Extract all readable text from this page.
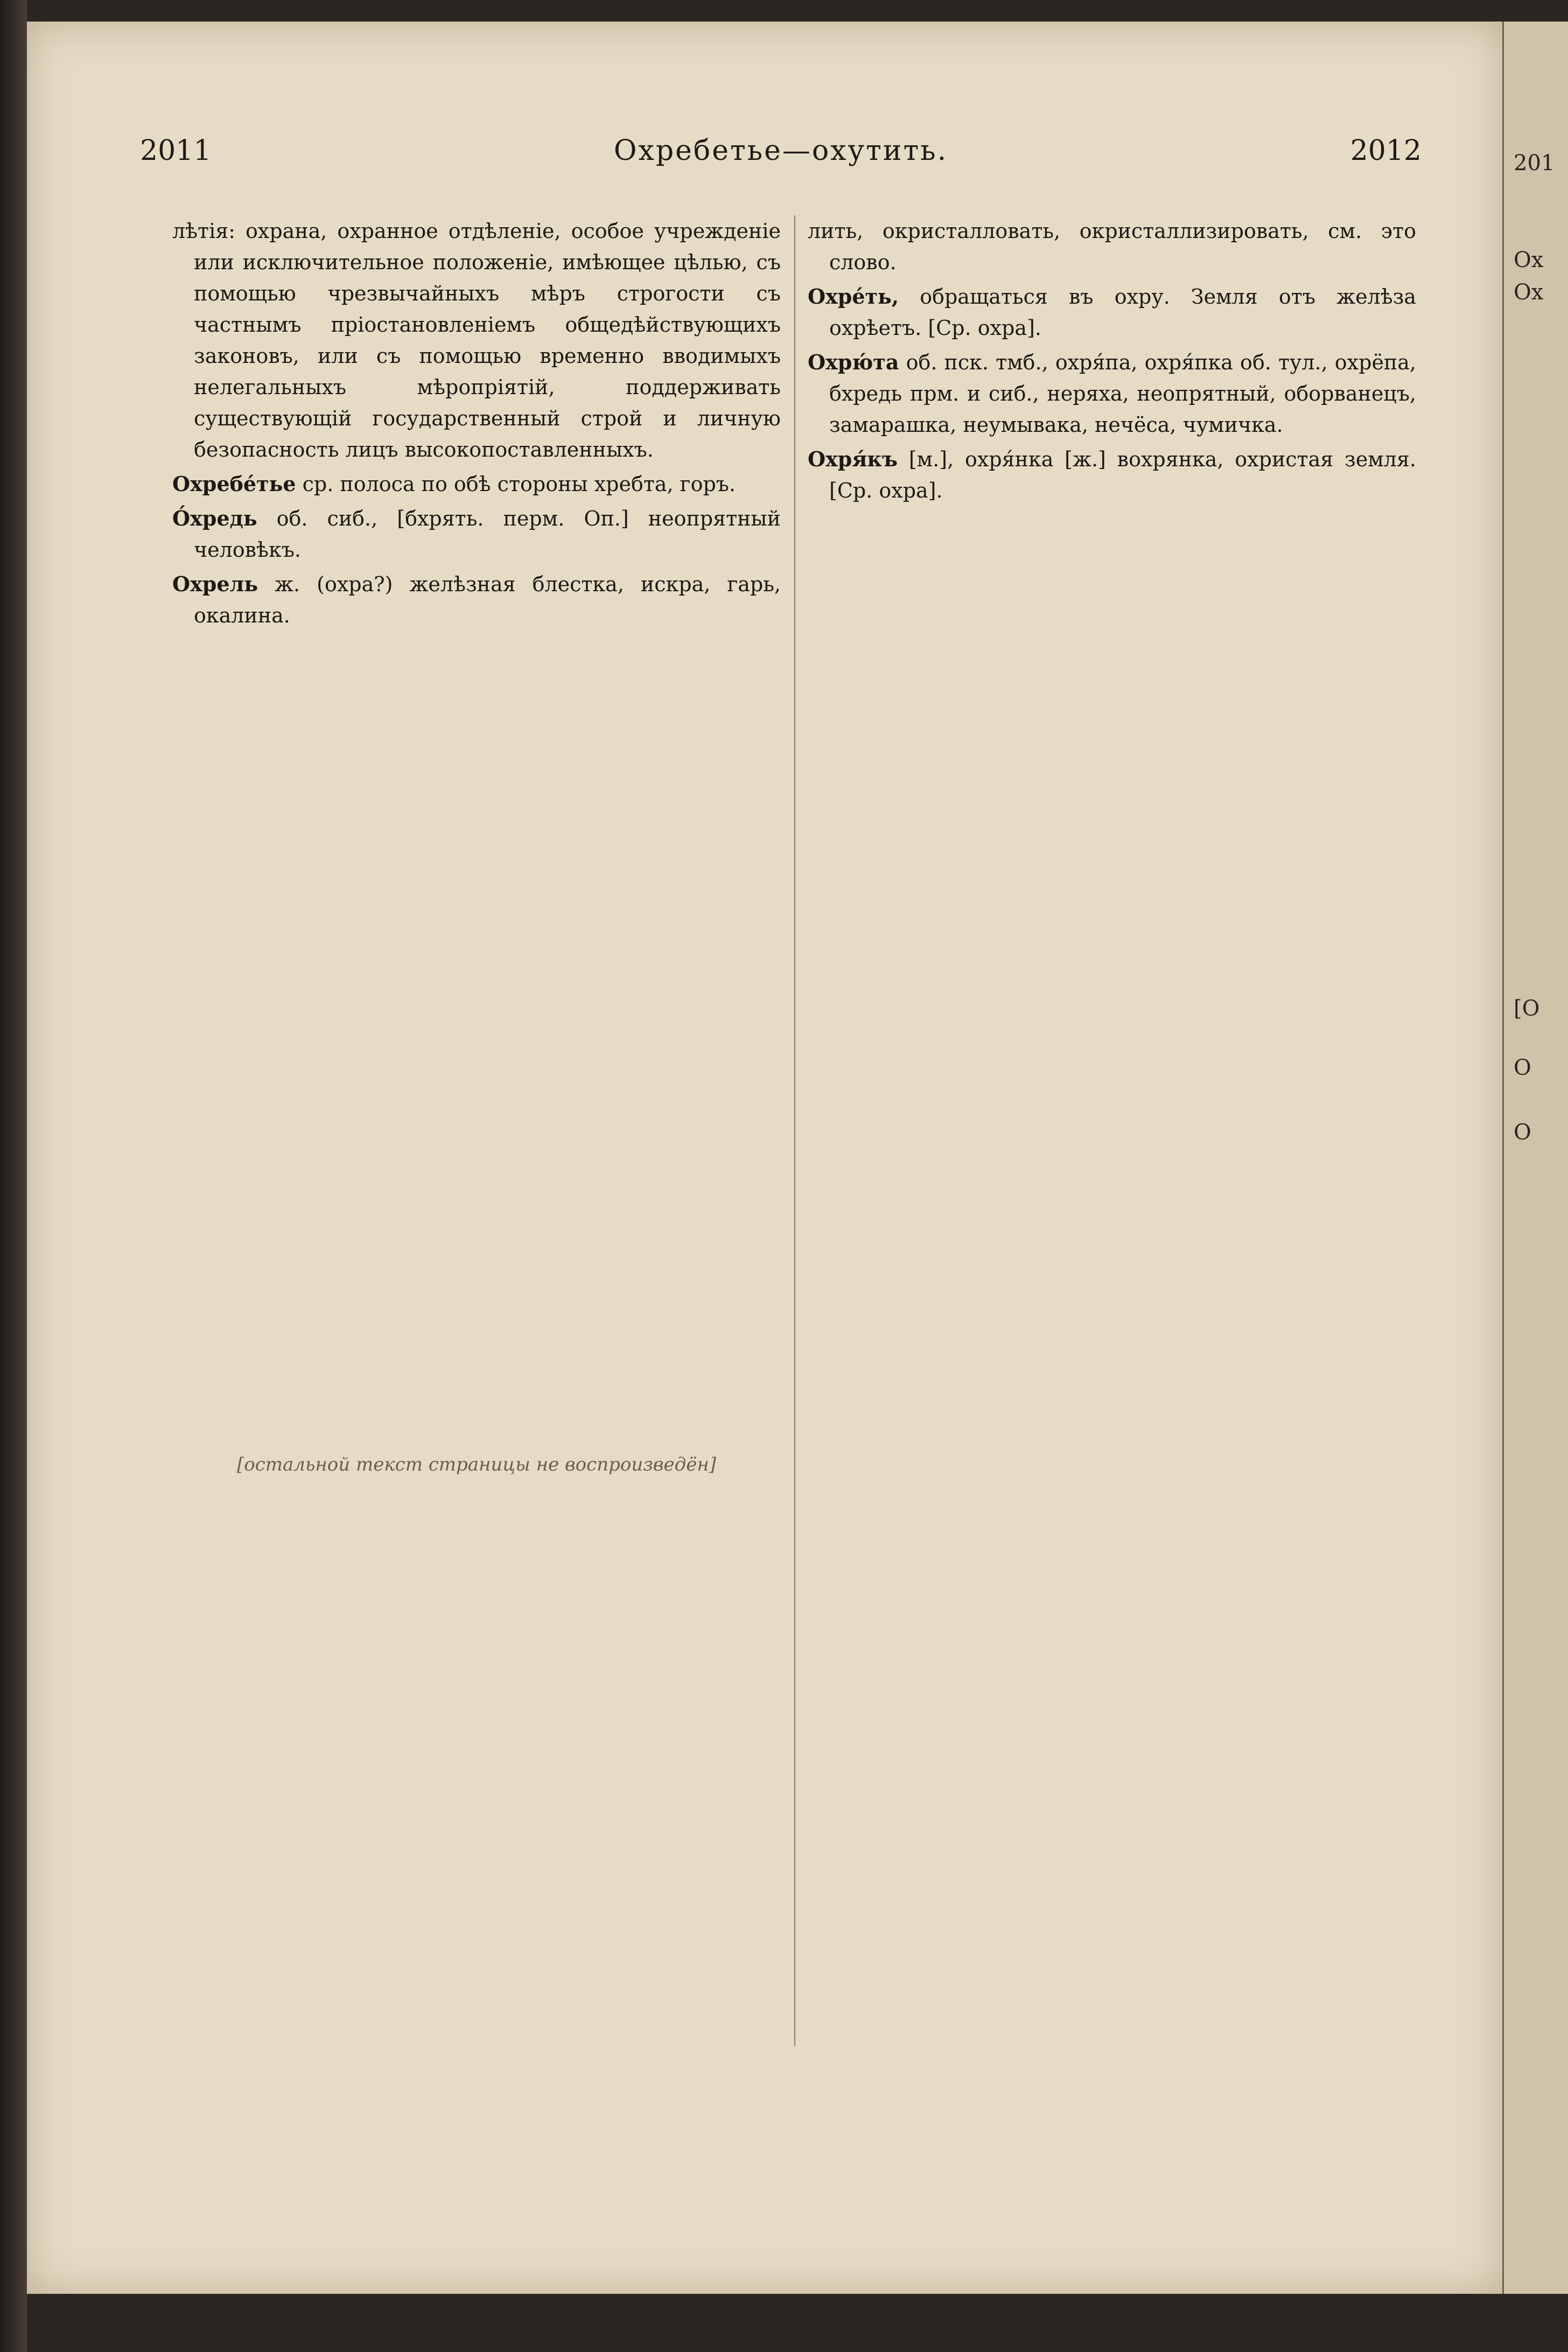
201
Ох
Ох
[О
О
О
2011	Охребетье—охутить.	2012

лѣтія: охрана, охранное отдѣленіе, особое учрежденіе или исключительное положеніе, имѣющее цѣлью, съ помощью чрезвычайныхъ мѣръ строгости съ частнымъ пріостановленіемъ общедѣйствующихъ законовъ, или съ помощью временно вводимыхъ нелегальныхъ мѣропріятій, поддерживать существующій государственный строй и личную безопасность лицъ высокопоставленныхъ.

Охребе́тье ср. полоса по обѣ стороны хребта, горъ.

О́хредь об. сиб., [бхрять. перм. Оп.] неопрятный человѣкъ.

Охрель ж. (охра?) желѣзная блестка, искра, гарь, окалина.

лить, окристалловать, окристаллизировать, см. это слово.

Охре́ть, обращаться въ охру. Земля отъ желѣза охрѣетъ. [Ср. охра].

Охрю́та об. пск. тмб., охря́па, охря́пка об. тул., охрёпа, бхредь прм. и сиб., неряха, неопрятный, оборванецъ, замарашка, неумывака, нечёса, чумичка.

Охря́къ [м.], охря́нка [ж.] вохрянка, охристая земля. [Ср. охра].

[остальной текст страницы не воспроизведён]
